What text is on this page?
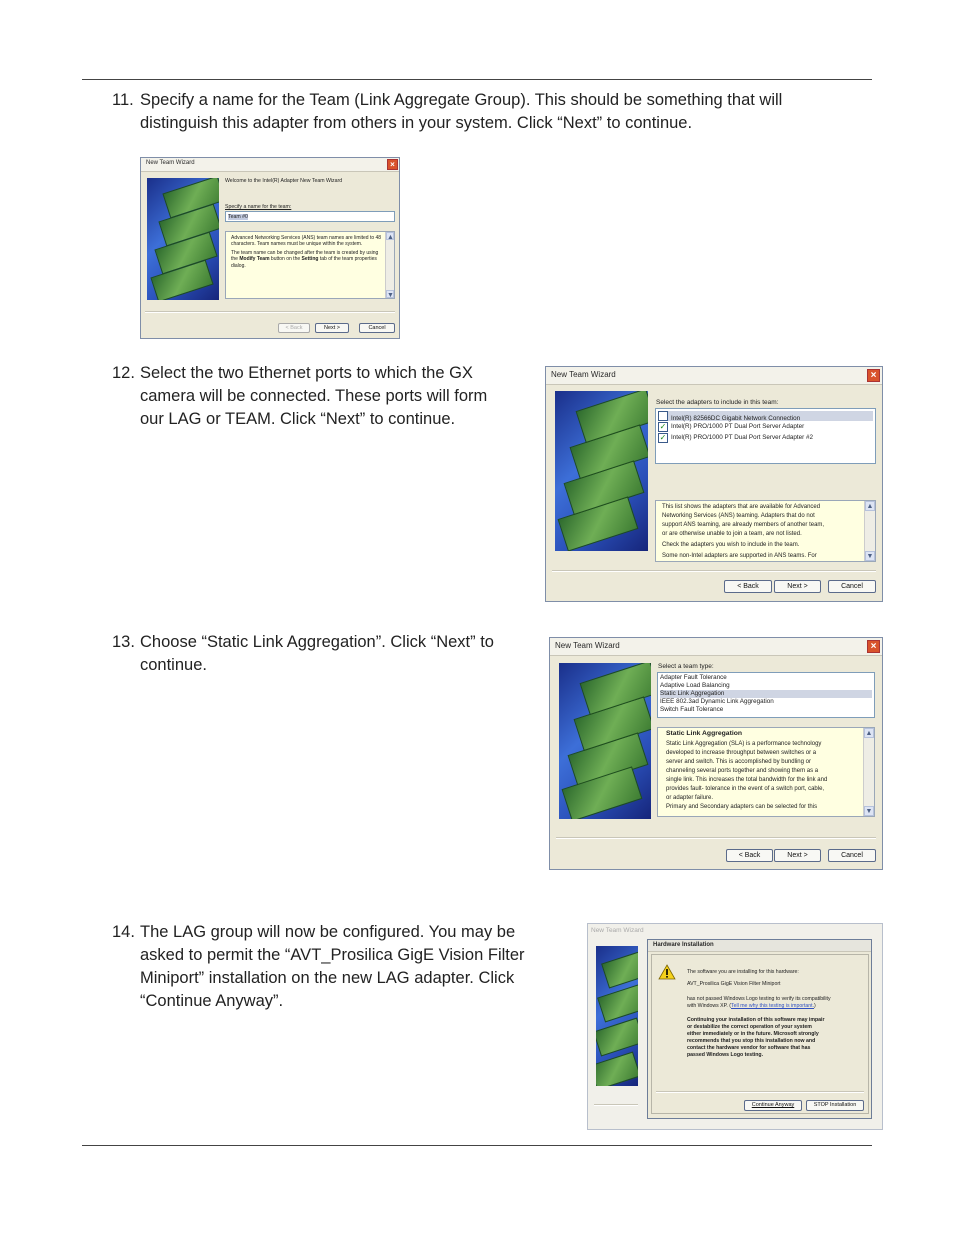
11. Specify a name for the Team (Link Aggregate Group). This should be something that will
distinguish this adapter from others in your system. Click “Next” to continue.
New Team Wizard	×
Welcome to the Intel(R) Adapter New Team Wizard
Specify a name for the team:
Team #0
Advanced Networking Services (ANS) team names are limited to 48 characters. Team names must be unique within the system.
The team name can be changed after the team is created by using the Modify Team button on the Setting tab of the team properties dialog.
▲
▼
< Back	Next >	Cancel
12. Select the two Ethernet ports to which the GX
camera will be connected. These ports will form
our LAG or TEAM. Click “Next” to continue.
New Team Wizard	×
Select the adapters to include in this team:
Intel(R) 82566DC Gigabit Network Connection
✓ Intel(R) PRO/1000 PT Dual Port Server Adapter
✓ Intel(R) PRO/1000 PT Dual Port Server Adapter #2
This list shows the adapters that are available for Advanced
Networking Services (ANS) teaming. Adapters that do not
support ANS teaming, are already members of another team,
or are otherwise unable to join a team, are not listed.
Check the adapters you wish to include in the team.
Some non-Intel adapters are supported in ANS teams. For
▲
▼
< Back	Next >	Cancel
13. Choose “Static Link Aggregation”. Click “Next” to
continue.
New Team Wizard	×
Select a team type:
Adapter Fault Tolerance
Adaptive Load Balancing
Static Link Aggregation
IEEE 802.3ad Dynamic Link Aggregation
Switch Fault Tolerance
Static Link Aggregation
Static Link Aggregation (SLA) is a performance technology
developed to increase throughput between switches or a
server and switch. This is accomplished by bundling or
channeling several ports together and showing them as a
single link. This increases the total bandwidth for the link and
provides fault- tolerance in the event of a switch port, cable,
or adapter failure.
Primary and Secondary adapters can be selected for this
▲
▼
< Back	Next >	Cancel
14. The LAG group will now be configured. You may be
asked to permit the “AVT_Prosilica GigE Vision Filter
Miniport” installation on the new LAG adapter. Click
“Continue Anyway”.
New Team Wizard
Hardware Installation
The software you are installing for this hardware:
AVT_Prosilica GigE Vision Filter Miniport
has not passed Windows Logo testing to verify its compatibility
with Windows XP. (Tell me why this testing is important.)
Continuing your installation of this software may impair
or destabilize the correct operation of your system
either immediately or in the future. Microsoft strongly
recommends that you stop this installation now and
contact the hardware vendor for software that has
passed Windows Logo testing.
Continue Anyway	STOP Installation
